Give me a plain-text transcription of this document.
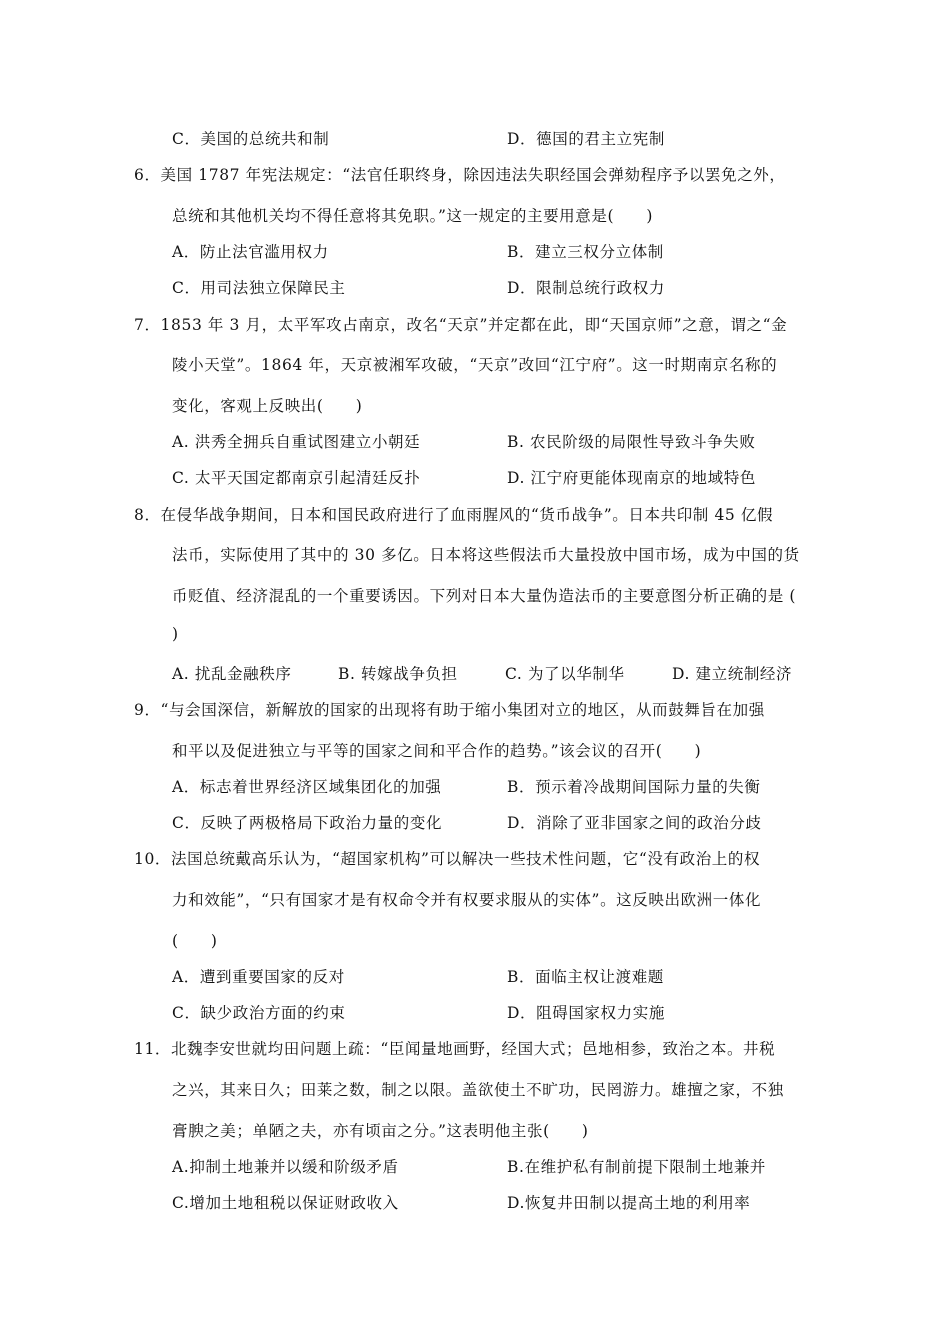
C．美国的总统共和制	D．德国的君主立宪制
6．美国 1787 年宪法规定：“法官任职终身，除因违法失职经国会弹劾程序予以罢免之外，
总统和其他机关均不得任意将其免职。”这一规定的主要用意是(　　)
A．防止法官滥用权力	B．建立三权分立体制
C．用司法独立保障民主	D．限制总统行政权力
7．1853 年 3 月，太平军攻占南京，改名“天京”并定都在此，即“天国京师”之意，谓之“金
陵小天堂”。1864 年，天京被湘军攻破，“天京”改回“江宁府”。这一时期南京名称的
变化，客观上反映出(　　)
A. 洪秀全拥兵自重试图建立小朝廷	B. 农民阶级的局限性导致斗争失败
C. 太平天国定都南京引起清廷反扑	D. 江宁府更能体现南京的地域特色
8．在侵华战争期间，日本和国民政府进行了血雨腥风的“货币战争”。日本共印制 45 亿假
法币，实际使用了其中的 30 多亿。日本将这些假法币大量投放中国市场，成为中国的货
币贬值、经济混乱的一个重要诱因。下列对日本大量伪造法币的主要意图分析正确的是 (
)
A. 扰乱金融秩序	B. 转嫁战争负担	C. 为了以华制华	D. 建立统制经济
9．“与会国深信，新解放的国家的出现将有助于缩小集团对立的地区，从而鼓舞旨在加强
和平以及促进独立与平等的国家之间和平合作的趋势。”该会议的召开(　　)
A．标志着世界经济区域集团化的加强	B．预示着冷战期间国际力量的失衡
C．反映了两极格局下政治力量的变化	D．消除了亚非国家之间的政治分歧
10．法国总统戴高乐认为，“超国家机构”可以解决一些技术性问题，它“没有政治上的权
力和效能”，“只有国家才是有权命令并有权要求服从的实体”。这反映出欧洲一体化
(　　)
A．遭到重要国家的反对	B．面临主权让渡难题
C．缺少政治方面的约束	D．阻碍国家权力实施
11．北魏李安世就均田问题上疏：“臣闻量地画野，经国大式；邑地相参，致治之本。井税
之兴，其来日久；田莱之数，制之以限。盖欲使土不旷功，民罔游力。雄擅之家，不独
膏腴之美；单陋之夫，亦有顷亩之分。”这表明他主张(　　)
A.抑制土地兼并以缓和阶级矛盾	B.在维护私有制前提下限制土地兼并
C.增加土地租税以保证财政收入	D.恢复井田制以提高土地的利用率
